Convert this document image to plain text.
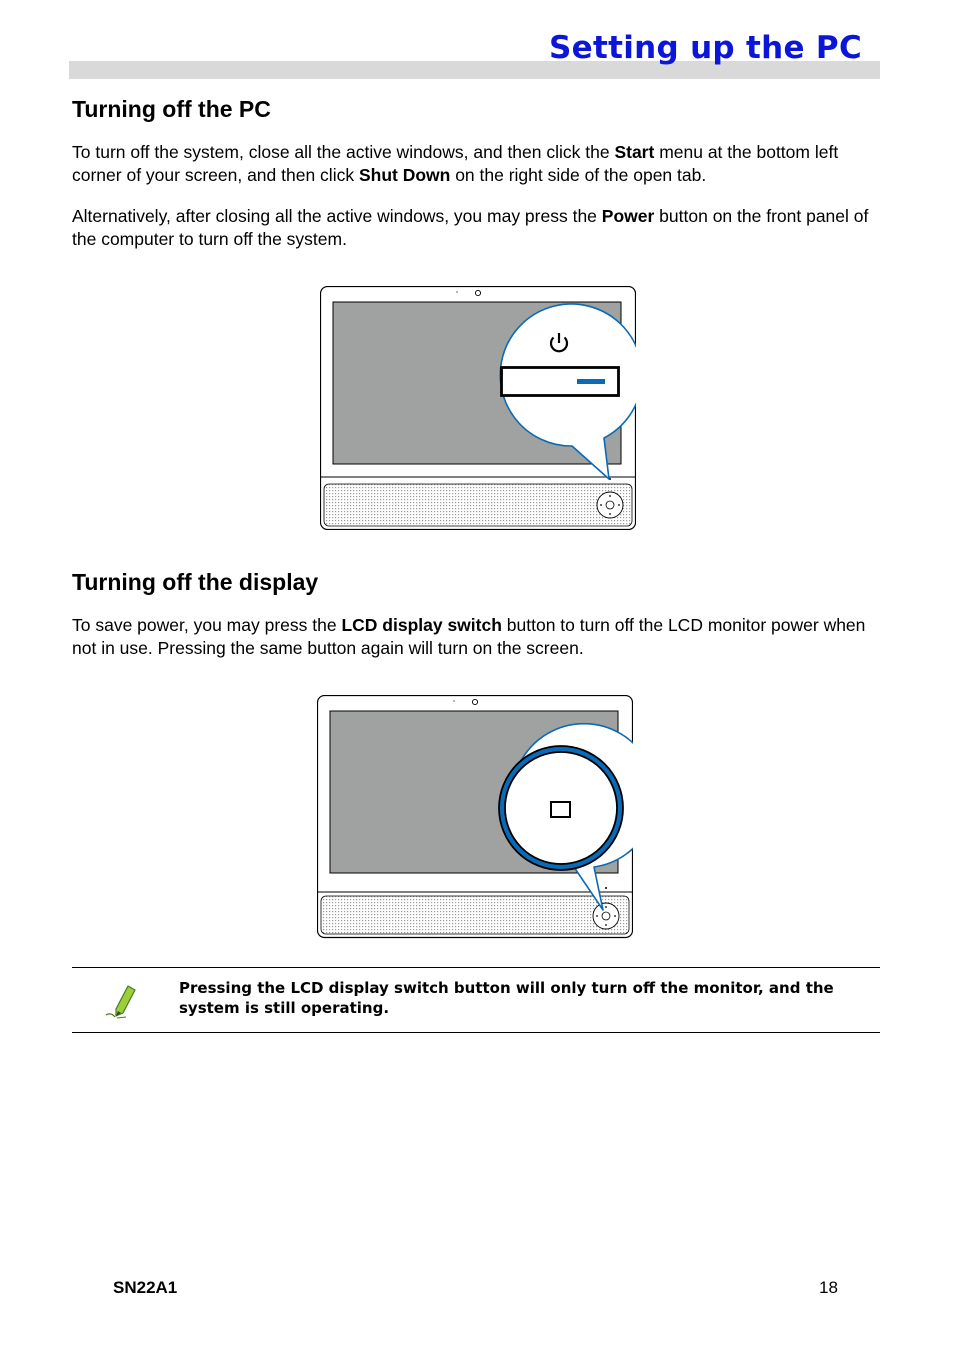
Setting up the PC
Turning off the PC

To turn off the system, close all the active windows, and then click the Start menu at the bottom left corner of your screen, and then click Shut Down on the right side of the open tab.

Alternatively, after closing all the active windows, you may press the Power button on the front panel of the computer to turn off the system.

Turning off the display

To save power, you may press the LCD display switch button to turn off the LCD monitor power when not in use. Pressing the same button again will turn on the screen.

Pressing the LCD display switch button will only turn off the monitor, and the system is still operating.
SN22A1	18
